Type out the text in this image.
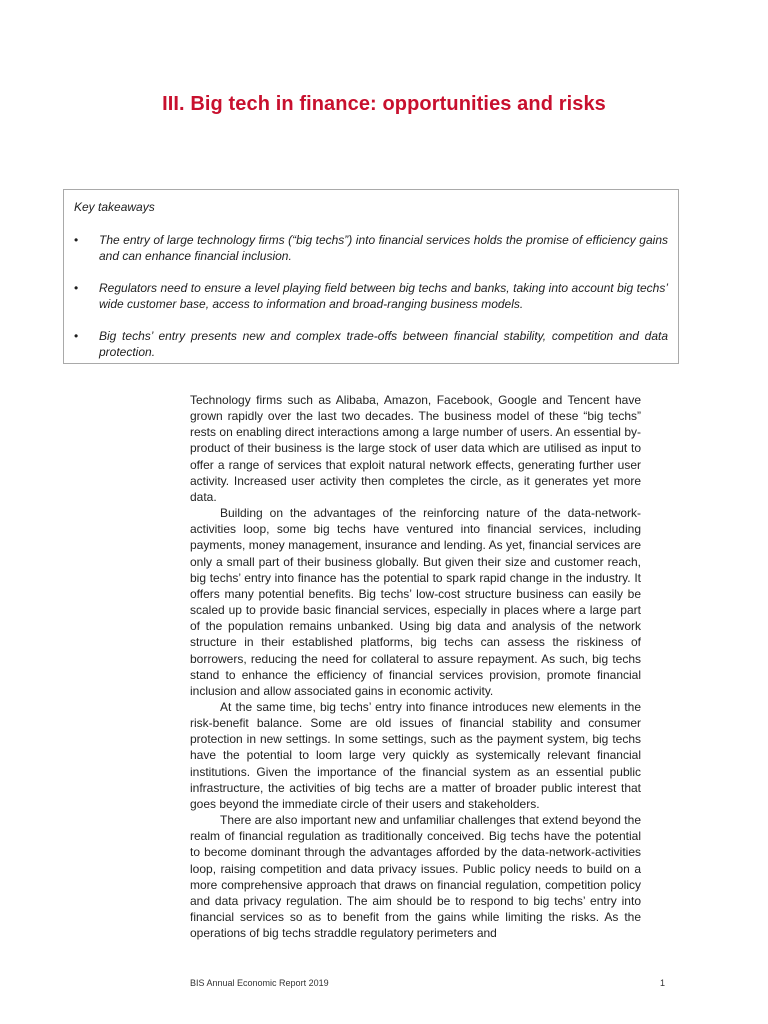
III. Big tech in finance: opportunities and risks
Key takeaways
• The entry of large technology firms (“big techs”) into financial services holds the promise of efficiency gains and can enhance financial inclusion.
• Regulators need to ensure a level playing field between big techs and banks, taking into account big techs’ wide customer base, access to information and broad-ranging business models.
• Big techs’ entry presents new and complex trade-offs between financial stability, competition and data protection.

Technology firms such as Alibaba, Amazon, Facebook, Google and Tencent have grown rapidly over the last two decades. The business model of these “big techs” rests on enabling direct interactions among a large number of users. An essential by-product of their business is the large stock of user data which are utilised as input to offer a range of services that exploit natural network effects, generating further user activity. Increased user activity then completes the circle, as it generates yet more data.

Building on the advantages of the reinforcing nature of the data-network-activities loop, some big techs have ventured into financial services, including payments, money management, insurance and lending. As yet, financial services are only a small part of their business globally. But given their size and customer reach, big techs’ entry into finance has the potential to spark rapid change in the industry. It offers many potential benefits. Big techs’ low-cost structure business can easily be scaled up to provide basic financial services, especially in places where a large part of the population remains unbanked. Using big data and analysis of the network structure in their established platforms, big techs can assess the riskiness of borrowers, reducing the need for collateral to assure repayment. As such, big techs stand to enhance the efficiency of financial services provision, promote financial inclusion and allow associated gains in economic activity.

At the same time, big techs’ entry into finance introduces new elements in the risk-benefit balance. Some are old issues of financial stability and consumer protection in new settings. In some settings, such as the payment system, big techs have the potential to loom large very quickly as systemically relevant financial institutions. Given the importance of the financial system as an essential public infrastructure, the activities of big techs are a matter of broader public interest that goes beyond the immediate circle of their users and stakeholders.

There are also important new and unfamiliar challenges that extend beyond the realm of financial regulation as traditionally conceived. Big techs have the potential to become dominant through the advantages afforded by the data-network-activities loop, raising competition and data privacy issues. Public policy needs to build on a more comprehensive approach that draws on financial regulation, competition policy and data privacy regulation. The aim should be to respond to big techs’ entry into financial services so as to benefit from the gains while limiting the risks. As the operations of big techs straddle regulatory perimeters and

BIS Annual Economic Report 2019	1
